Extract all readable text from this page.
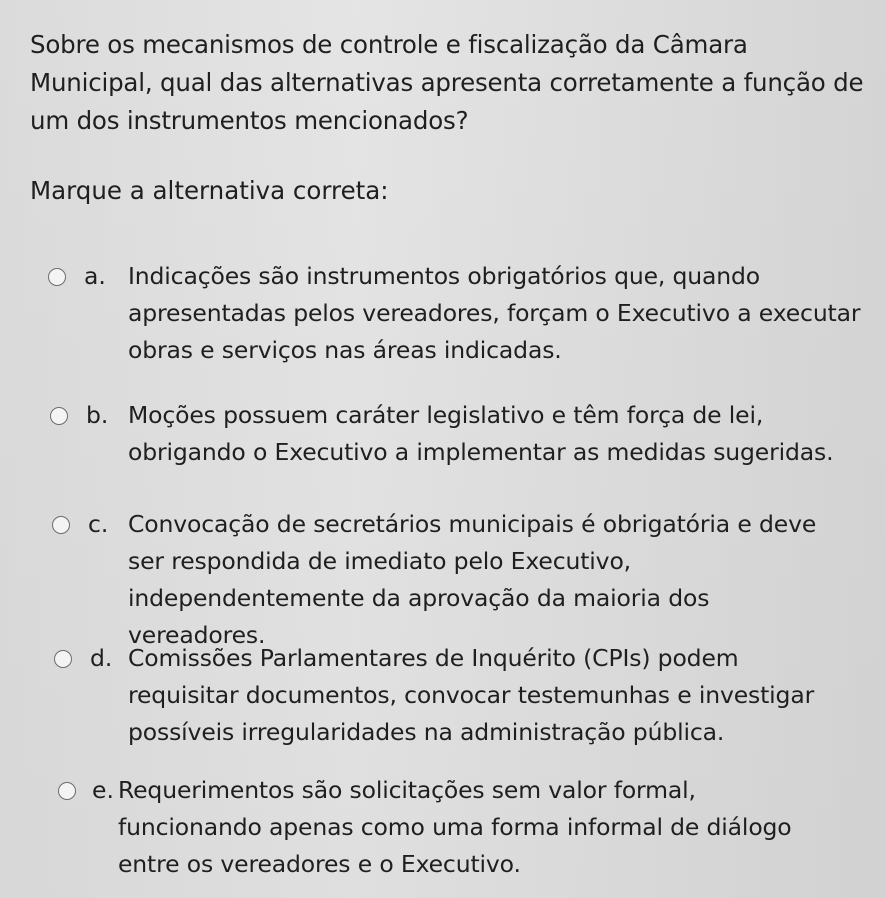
Sobre os mecanismos de controle e fiscalização da Câmara Municipal, qual das alternativas apresenta corretamente a função de um dos instrumentos mencionados?
Marque a alternativa correta:
a. Indicações são instrumentos obrigatórios que, quando apresentadas pelos vereadores, forçam o Executivo a executar obras e serviços nas áreas indicadas.
b. Moções possuem caráter legislativo e têm força de lei, obrigando o Executivo a implementar as medidas sugeridas.
c. Convocação de secretários municipais é obrigatória e deve ser respondida de imediato pelo Executivo, independentemente da aprovação da maioria dos vereadores.
d. Comissões Parlamentares de Inquérito (CPIs) podem requisitar documentos, convocar testemunhas e investigar possíveis irregularidades na administração pública.
e. Requerimentos são solicitações sem valor formal, funcionando apenas como uma forma informal de diálogo entre os vereadores e o Executivo.
